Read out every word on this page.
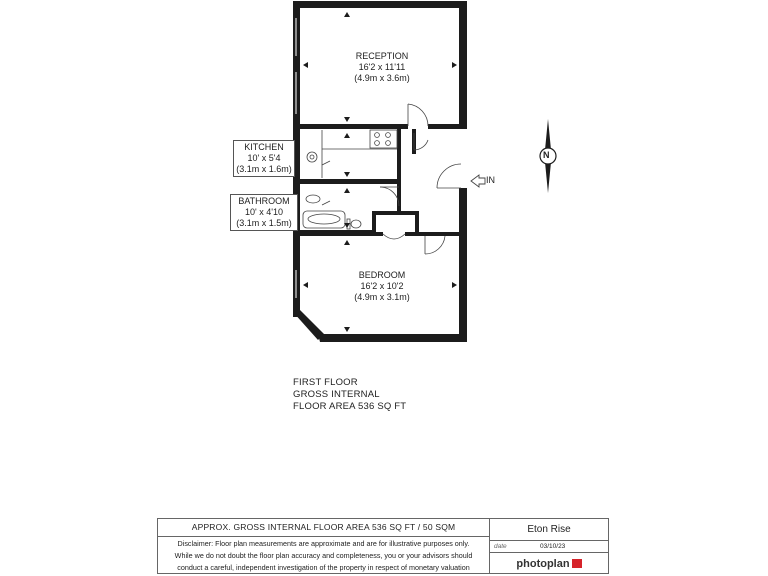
RECEPTION
16'2 x 11'11
(4.9m x 3.6m)
KITCHEN
10' x 5'4
(3.1m x 1.6m)
BATHROOM
10' x 4'10
(3.1m x 1.5m)
BEDROOM
16'2 x 10'2
(4.9m x 3.1m)
IN
N
FIRST FLOOR
GROSS INTERNAL
FLOOR AREA 536 SQ FT
APPROX. GROSS INTERNAL FLOOR AREA 536 SQ FT / 50 SQM
Disclaimer: Floor plan measurements are approximate and are for illustrative purposes only.
While we do not doubt the floor plan accuracy and completeness, you or your advisors should
conduct a careful, independent investigation of the property in respect of monetary valuation
Eton Rise
date	03/10/23
photoplan
